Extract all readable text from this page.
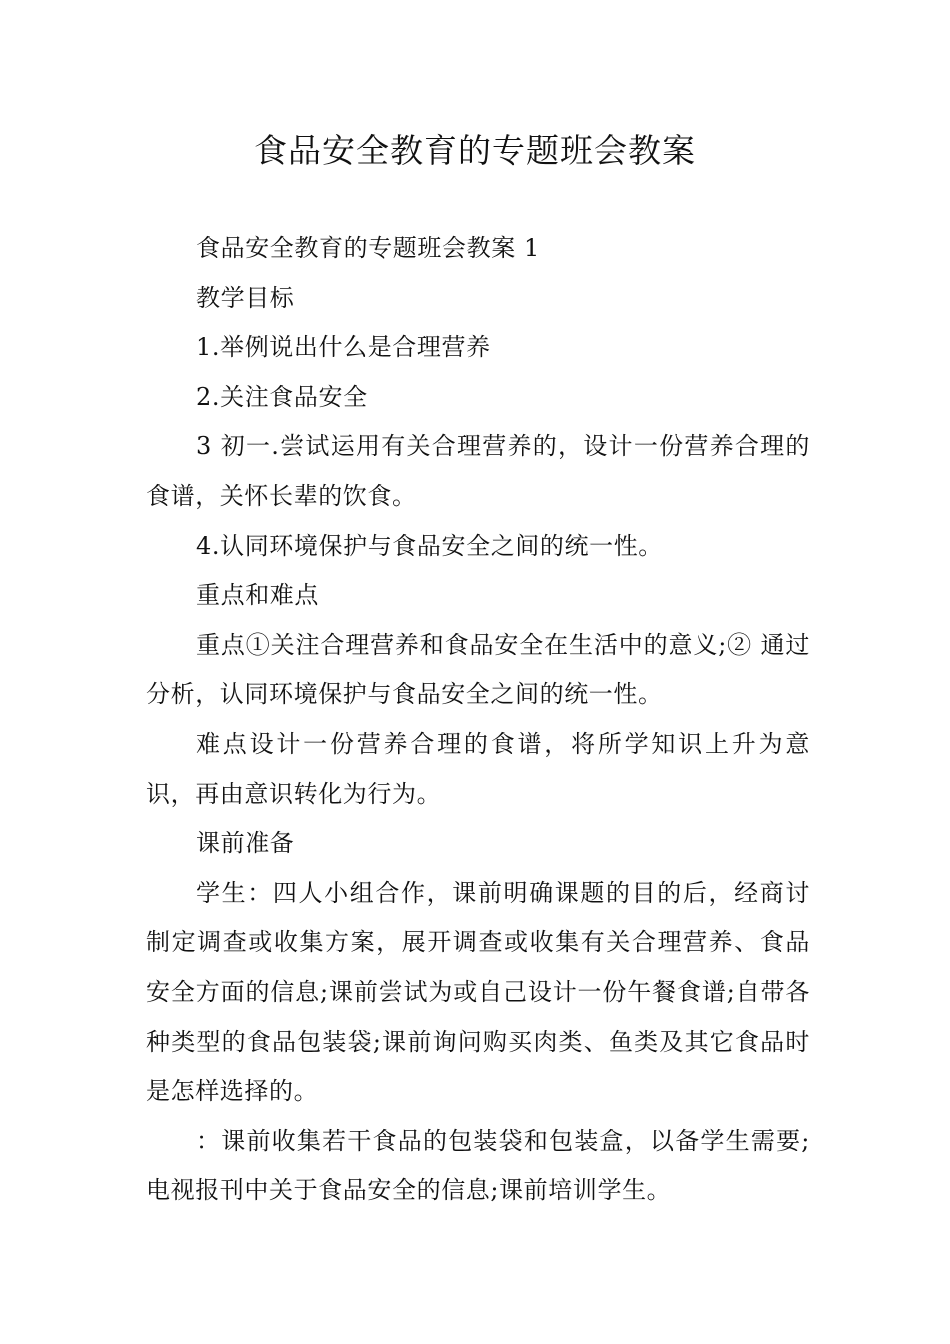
食品安全教育的专题班会教案

食品安全教育的专题班会教案 1

教学目标

1.举例说出什么是合理营养

2.关注食品安全

3 初一.尝试运用有关合理营养的，设计一份营养合理的食谱，关怀长辈的饮食。

4.认同环境保护与食品安全之间的统一性。

重点和难点

重点①关注合理营养和食品安全在生活中的意义;② 通过分析，认同环境保护与食品安全之间的统一性。

难点设计一份营养合理的食谱，将所学知识上升为意识，再由意识转化为行为。

课前准备

学生：四人小组合作，课前明确课题的目的后，经商讨制定调查或收集方案，展开调查或收集有关合理营养、食品安全方面的信息;课前尝试为或自己设计一份午餐食谱;自带各种类型的食品包装袋;课前询问购买肉类、鱼类及其它食品时是怎样选择的。

：课前收集若干食品的包装袋和包装盒，以备学生需要;电视报刊中关于食品安全的信息;课前培训学生。
